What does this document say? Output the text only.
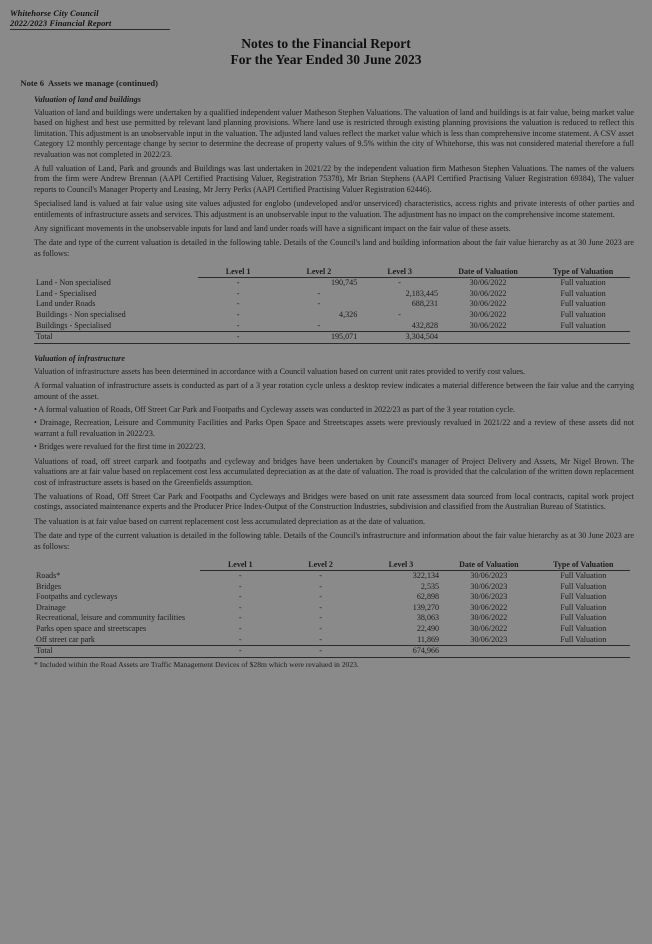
Whitehorse City Council
2022/2023 Financial Report
Notes to the Financial Report
For the Year Ended 30 June 2023
Note 6 Assets we manage (continued)
Valuation of land and buildings

Valuation of land and buildings were undertaken by a qualified independent valuer Matheson Stephen Valuations. The valuation of land and buildings is at fair value, being market value based on highest and best use permitted by relevant land planning provisions. Where land use is restricted through existing planning provisions the valuation is reduced to reflect this limitation. This adjustment is an unobservable input in the valuation. The adjusted land values reflect the market value which is less than comprehensive income statement. A CSV asset Category 12 monthly percentage change by sector to determine the decrease of property values of 9.5% within the city of Whitehorse, this was not considered material therefore a full revaluation was not completed in 2022/23.

A full valuation of Land, Park and grounds and Buildings was last undertaken in 2021/22 by the independent valuation firm Matheson Stephen Valuations. The names of the valuers from the firm were Andrew Brennan (AAPI Certified Practising Valuer, Registration 75378), Mr Brian Stephens (AAPI Certified Practising Valuer Registration 69384), The valuer reports to Council's Manager Property and Leasing, Mr Jerry Perks (AAPI Certified Practising Valuer Registration 62446).

Specialised land is valued at fair value using site values adjusted for englobo (undeveloped and/or unserviced) characteristics, access rights and private interests of other parties and entitlements of infrastructure assets and services. This adjustment is an unobservable input to the valuation. The adjustment has no impact on the comprehensive income statement.

Any significant movements in the unobservable inputs for land and land under roads will have a significant impact on the fair value of these assets.

The date and type of the current valuation is detailed in the following table. Details of the Council's land and building information about the fair value hierarchy as at 30 June 2023 are as follows:

	Level 1	Level 2	Level 3	Date of Valuation	Type of Valuation
Land - Non specialised	-	190,745	-	30/06/2022	Full valuation
Land - Specialised	-	-	2,183,445	30/06/2022	Full valuation
Land under Roads	-	-	688,231	30/06/2022	Full valuation
Buildings - Non specialised	-	4,326	-	30/06/2022	Full valuation
Buildings - Specialised	-	-	432,828	30/06/2022	Full valuation
Total	-	195,071	3,304,504		
Valuation of infrastructure

Valuation of infrastructure assets has been determined in accordance with a Council valuation based on current unit rates provided to verify cost values.

A formal valuation of infrastructure assets is conducted as part of a 3 year rotation cycle unless a desktop review indicates a material difference between the fair value and the carrying amount of the asset.

• A formal valuation of Roads, Off Street Car Park and Footpaths and Cycleway assets was conducted in 2022/23 as part of the 3 year rotation cycle.

• Drainage, Recreation, Leisure and Community Facilities and Parks Open Space and Streetscapes assets were previously revalued in 2021/22 and a review of these assets did not warrant a full revaluation in 2022/23.

• Bridges were revalued for the first time in 2022/23.

Valuations of road, off street carpark and footpaths and cycleway and bridges have been undertaken by Council's manager of Project Delivery and Assets, Mr Nigel Brown. The valuations are at fair value based on replacement cost less accumulated depreciation as at the date of valuation. The road is provided that the calculation of the written down replacement cost of infrastructure assets is based on the Greenfields assumption.

The valuations of Road, Off Street Car Park and Footpaths and Cycleways and Bridges were based on unit rate assessment data sourced from local contracts, capital work project costings, associated maintenance experts and the Producer Price Index-Output of the Construction Industries, subdivision and classified from the Australian Bureau of Statistics.

The valuation is at fair value based on current replacement cost less accumulated depreciation as at the date of valuation.

The date and type of the current valuation is detailed in the following table. Details of the Council's infrastructure and information about the fair value hierarchy as at 30 June 2023 are as follows:

	Level 1	Level 2	Level 3	Date of Valuation	Type of Valuation
Roads*	-	-	322,134	30/06/2023	Full Valuation
Bridges	-	-	2,535	30/06/2023	Full Valuation
Footpaths and cycleways	-	-	62,898	30/06/2023	Full Valuation
Drainage	-	-	139,270	30/06/2022	Full Valuation
Recreational, leisure and community facilities	-	-	38,063	30/06/2022	Full Valuation
Parks open space and streetscapes	-	-	22,490	30/06/2022	Full Valuation
Off street car park	-	-	11,869	30/06/2023	Full Valuation
Total	-	-	674,966		
* Included within the Road Assets are Traffic Management Devices of $28m which were revalued in 2023.
